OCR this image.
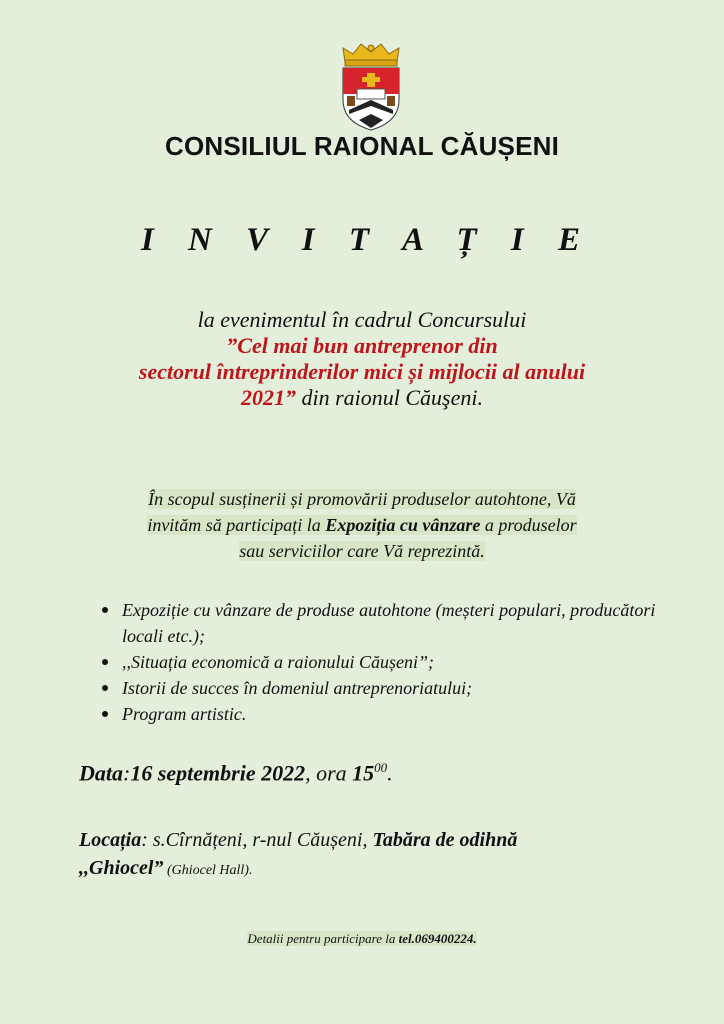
CONSILIUL RAIONAL CĂUȘENI
I N V I T A Ț I E
la evenimentul în cadrul Concursului
”Cel mai bun antreprenor din
sectorul întreprinderilor mici și mijlocii al anului
2021” din raionul Căuşeni.
În scopul susținerii și promovării produselor autohtone, Vă
invităm să participați la Expoziția cu vânzare a produselor
sau serviciilor care Vă reprezintă.
Expoziție cu vânzare de produse autohtone (meșteri populari, producători locali etc.);
,,Situația economică a raionului Căușeni”;
Istorii de succes în domeniul antreprenoriatului;
Program artistic.
Data:16 septembrie 2022, ora $15^{00}$.
Locația: s.Cîrnățeni, r-nul Căușeni, Tabăra de odihnă
,,Ghiocel” (Ghiocel Hall).
Detalii pentru participare la tel.069400224.
